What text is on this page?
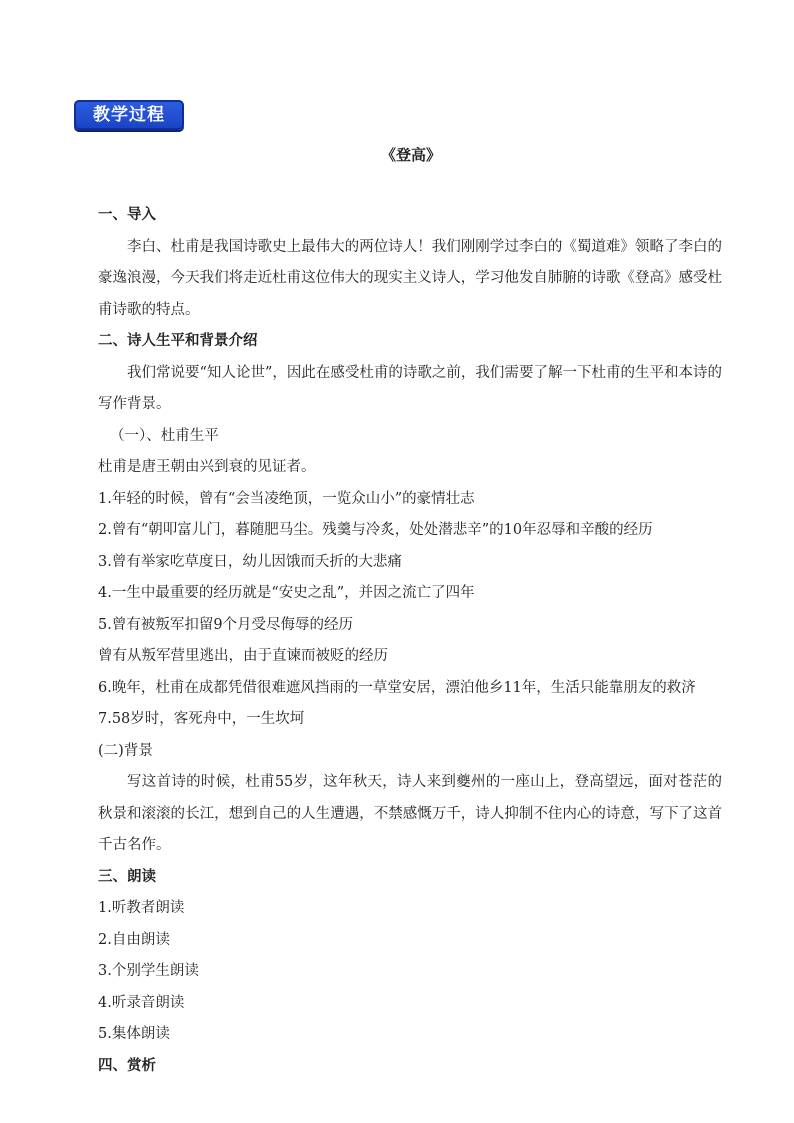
教学过程
《登高》
一、导入
李白、杜甫是我国诗歌史上最伟大的两位诗人！我们刚刚学过李白的《蜀道难》领略了李白的豪逸浪漫，今天我们将走近杜甫这位伟大的现实主义诗人，学习他发自肺腑的诗歌《登高》感受杜甫诗歌的特点。
二、诗人生平和背景介绍
我们常说要“知人论世”，因此在感受杜甫的诗歌之前，我们需要了解一下杜甫的生平和本诗的写作背景。
（一）、杜甫生平
杜甫是唐王朝由兴到衰的见证者。
1.年轻的时候，曾有“会当凌绝顶，一览众山小”的豪情壮志
2.曾有“朝叩富儿门，暮随肥马尘。残羹与冷炙，处处潜悲辛”的10年忍辱和辛酸的经历
3.曾有举家吃草度日，幼儿因饿而夭折的大悲痛
4.一生中最重要的经历就是“安史之乱”，并因之流亡了四年
5.曾有被叛军扣留9个月受尽侮辱的经历
曾有从叛军营里逃出，由于直谏而被贬的经历
6.晚年，杜甫在成都凭借很难遮风挡雨的一草堂安居，漂泊他乡11年，生活只能靠朋友的救济
7.58岁时，客死舟中，一生坎坷
(二)背景
写这首诗的时候，杜甫55岁，这年秋天，诗人来到夔州的一座山上，登高望远，面对苍茫的秋景和滚滚的长江，想到自己的人生遭遇，不禁感慨万千，诗人抑制不住内心的诗意，写下了这首千古名作。
三、朗读
1.听教者朗读
2.自由朗读
3.个别学生朗读
4.听录音朗读
5.集体朗读
四、赏析
